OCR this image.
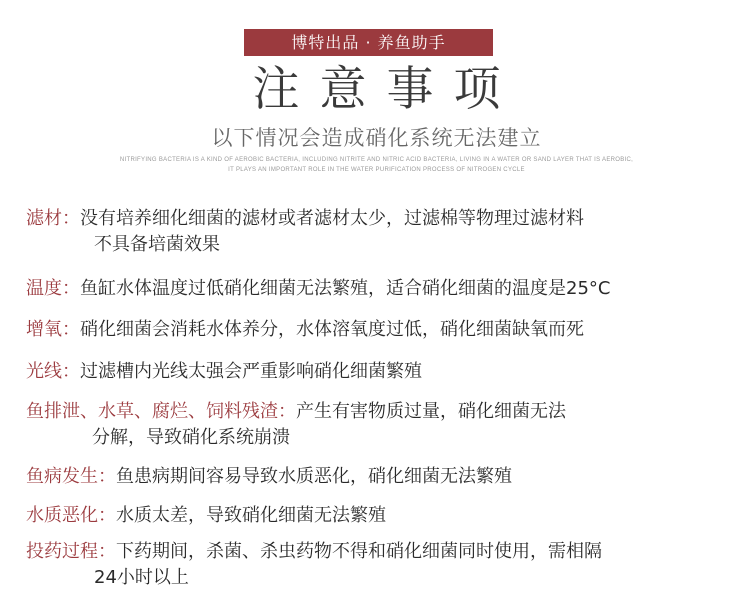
博特出品 · 养鱼助手
注意事项
以下情况会造成硝化系统无法建立
NITRIFYING BACTERIA IS A KIND OF AEROBIC BACTERIA, INCLUDING NITRITE AND NITRIC ACID BACTERIA, LIVING IN A WATER OR SAND LAYER THAT IS AEROBIC,
IT PLAYS AN IMPORTANT ROLE IN THE WATER PURIFICATION PROCESS OF NITROGEN CYCLE
滤材：没有培养细化细菌的滤材或者滤材太少，过滤棉等物理过滤材料
不具备培菌效果
温度：鱼缸水体温度过低硝化细菌无法繁殖，适合硝化细菌的温度是25°C
增氧：硝化细菌会消耗水体养分，水体溶氧度过低，硝化细菌缺氧而死
光线：过滤槽内光线太强会严重影响硝化细菌繁殖
鱼排泄、水草、腐烂、饲料残渣：产生有害物质过量，硝化细菌无法
分解，导致硝化系统崩溃
鱼病发生：鱼患病期间容易导致水质恶化，硝化细菌无法繁殖
水质恶化：水质太差，导致硝化细菌无法繁殖
投药过程：下药期间，杀菌、杀虫药物不得和硝化细菌同时使用，需相隔
24小时以上
